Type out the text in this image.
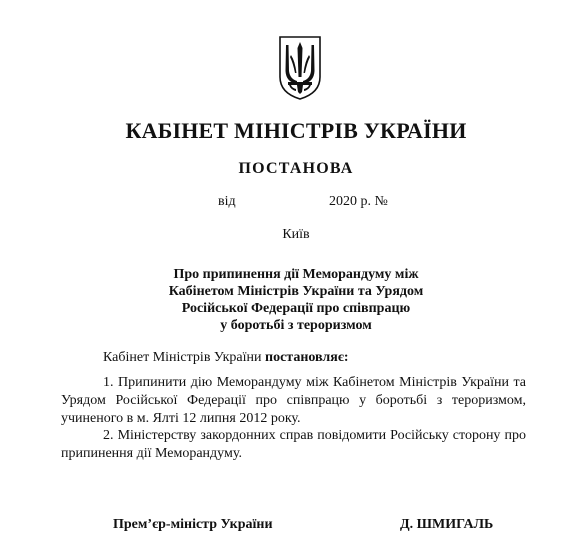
КАБІНЕТ МІНІСТРІВ УКРАЇНИ
ПОСТАНОВА
від	2020 р. №
Київ
Про припинення дії Меморандуму між
Кабінетом Міністрів України та Урядом
Російської Федерації про співпрацю
у боротьбі з тероризмом
Кабінет Міністрів України постановляє:
1. Припинити дію Меморандуму між Кабінетом Міністрів України та Урядом Російської Федерації про співпрацю у боротьбі з тероризмом, учиненого в м. Ялті 12 липня 2012 року.
2. Міністерству закордонних справ повідомити Російську сторону про припинення дії Меморандуму.
Прем’єр-міністр України	Д. ШМИГАЛЬ
